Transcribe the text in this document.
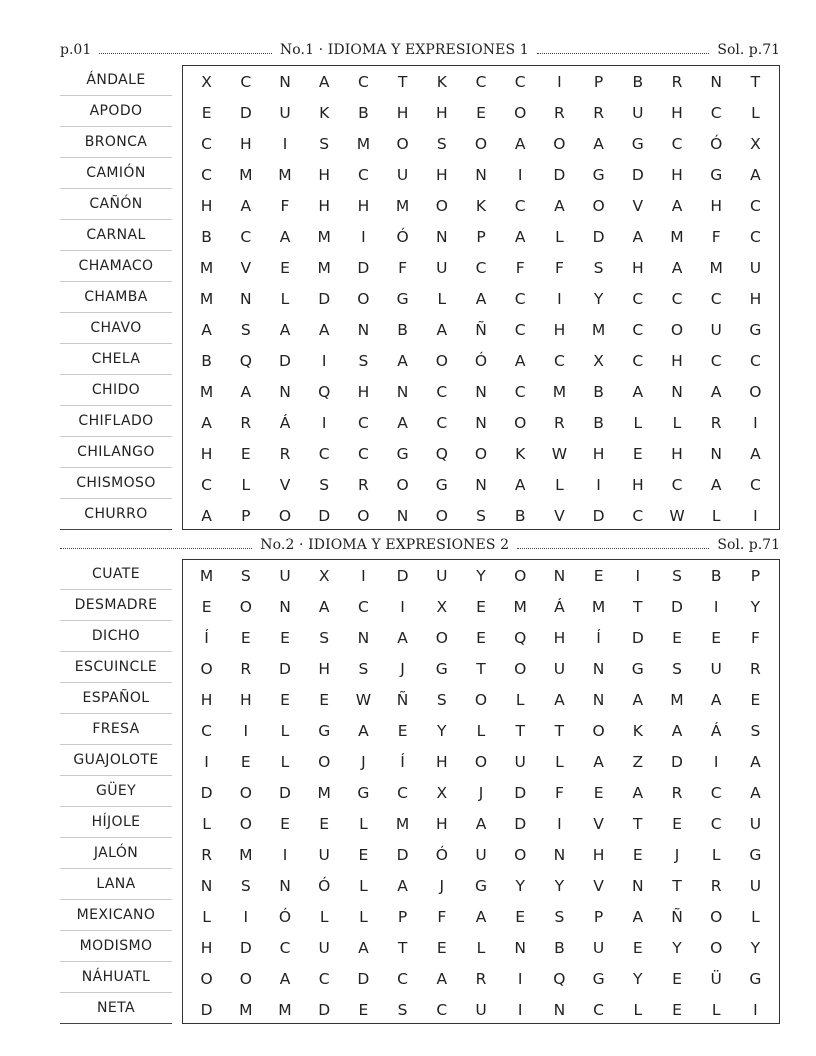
p.01	No.1 · IDIOMA Y EXPRESIONES 1	Sol. p.71
ÁNDALE
APODO
BRONCA
CAMIÓN
CAÑÓN
CARNAL
CHAMACO
CHAMBA
CHAVO
CHELA
CHIDO
CHIFLADO
CHILANGO
CHISMOSO
CHURRO
X	C	N	A	C	T	K	C	C	I	P	B	R	N	T
E	D	U	K	B	H	H	E	O	R	R	U	H	C	L
C	H	I	S	M	O	S	O	A	O	A	G	C	Ó	X
C	M	M	H	C	U	H	N	I	D	G	D	H	G	A
H	A	F	H	H	M	O	K	C	A	O	V	A	H	C
B	C	A	M	I	Ó	N	P	A	L	D	A	M	F	C
M	V	E	M	D	F	U	C	F	F	S	H	A	M	U
M	N	L	D	O	G	L	A	C	I	Y	C	C	C	H
A	S	A	A	N	B	A	Ñ	C	H	M	C	O	U	G
B	Q	D	I	S	A	O	Ó	A	C	X	C	H	C	C
M	A	N	Q	H	N	C	N	C	M	B	A	N	A	O
A	R	Á	I	C	A	C	N	O	R	B	L	L	R	I
H	E	R	C	C	G	Q	O	K	W	H	E	H	N	A
C	L	V	S	R	O	G	N	A	L	I	H	C	A	C
A	P	O	D	O	N	O	S	B	V	D	C	W	L	I
No.2 · IDIOMA Y EXPRESIONES 2	Sol. p.71
CUATE
DESMADRE
DICHO
ESCUINCLE
ESPAÑOL
FRESA
GUAJOLOTE
GÜEY
HÍJOLE
JALÓN
LANA
MEXICANO
MODISMO
NÁHUATL
NETA
M	S	U	X	I	D	U	Y	O	N	E	I	S	B	P
E	O	N	A	C	I	X	E	M	Á	M	T	D	I	Y
Í	E	E	S	N	A	O	E	Q	H	Í	D	E	E	F
O	R	D	H	S	J	G	T	O	U	N	G	S	U	R
H	H	E	E	W	Ñ	S	O	L	A	N	A	M	A	E
C	I	L	G	A	E	Y	L	T	T	O	K	A	Á	S
I	E	L	O	J	Í	H	O	U	L	A	Z	D	I	A
D	O	D	M	G	C	X	J	D	F	E	A	R	C	A
L	O	E	E	L	M	H	A	D	I	V	T	E	C	U
R	M	I	U	E	D	Ó	U	O	N	H	E	J	L	G
N	S	N	Ó	L	A	J	G	Y	Y	V	N	T	R	U
L	I	Ó	L	L	P	F	A	E	S	P	A	Ñ	O	L
H	D	C	U	A	T	E	L	N	B	U	E	Y	O	Y
O	O	A	C	D	C	A	R	I	Q	G	Y	E	Ü	G
D	M	M	D	E	S	C	U	I	N	C	L	E	L	I
